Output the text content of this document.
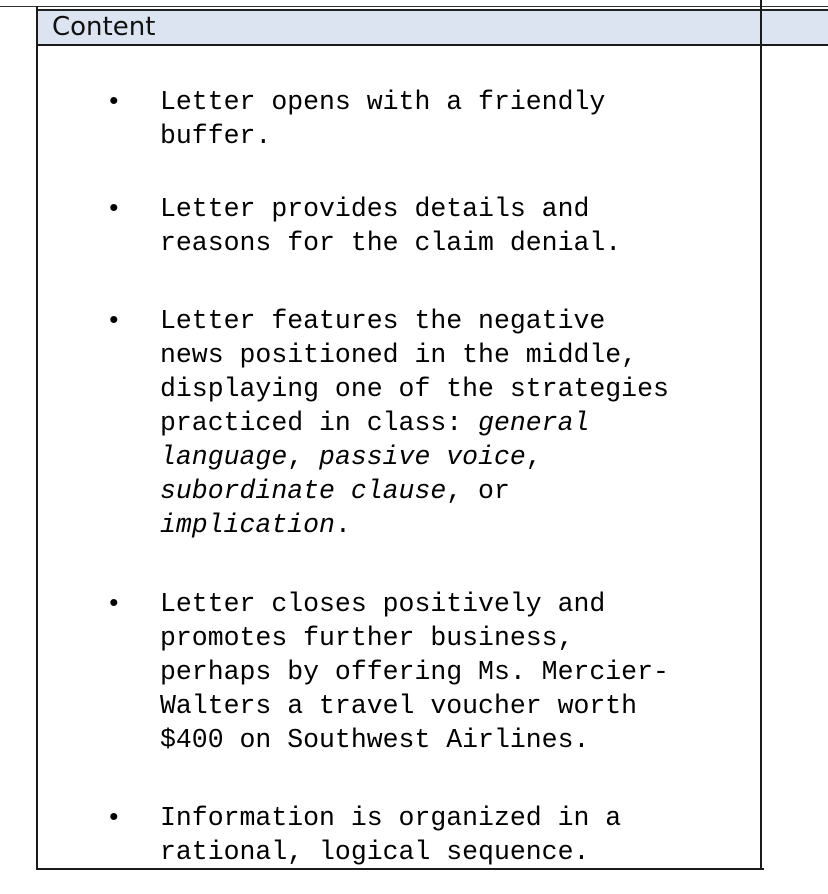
Content
• Letter opens with a friendly
buffer.
• Letter provides details and
reasons for the claim denial.
• Letter features the negative
news positioned in the middle,
displaying one of the strategies
practiced in class: general
language, passive voice,
subordinate clause, or
implication.
• Letter closes positively and
promotes further business,
perhaps by offering Ms. Mercier-
Walters a travel voucher worth
$400 on Southwest Airlines.
• Information is organized in a
rational, logical sequence.
